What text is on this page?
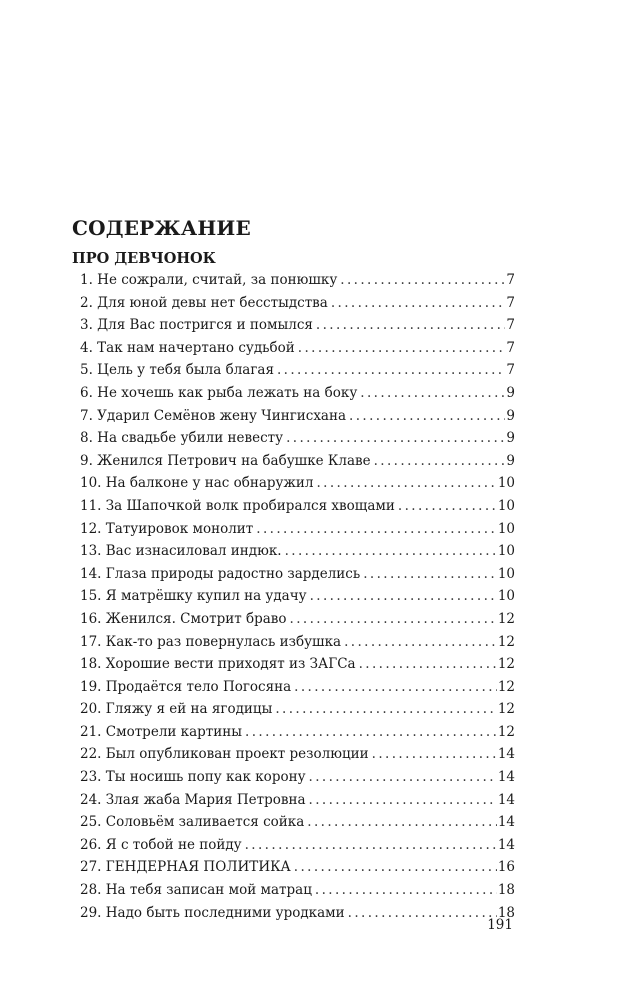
СОДЕРЖАНИЕ
ПРО ДЕВЧОНОК
1. Не сожрали, считай, за понюшку .....	7
2. Для юной девы нет бесстыдства .....	7
3. Для Вас постригся и помылся .....	7
4. Так нам начертано судьбой .....	7
5. Цель у тебя была благая .....	7
6. Не хочешь как рыба лежать на боку .....	9
7. Ударил Семёнов жену Чингисхана .....	9
8. На свадьбе убили невесту .....	9
9. Женился Петрович на бабушке Клаве .....	9
10. На балконе у нас обнаружил .....	10
11. За Шапочкой волк пробирался хвощами .....	10
12. Татуировок монолит .....	10
13. Вас изнасиловал индюк. .....	10
14. Глаза природы радостно зарделись .....	10
15. Я матрёшку купил на удачу .....	10
16. Женился. Смотрит браво .....	12
17. Как-то раз повернулась избушка .....	12
18. Хорошие вести приходят из ЗАГСа .....	12
19. Продаётся тело Погосяна .....	12
20. Гляжу я ей на ягодицы .....	12
21. Смотрели картины .....	12
22. Был опубликован проект резолюции .....	14
23. Ты носишь попу как корону .....	14
24. Злая жаба Мария Петровна .....	14
25. Соловьём заливается сойка .....	14
26. Я с тобой не пойду .....	14
27. ГЕНДЕРНАЯ ПОЛИТИКА .....	16
28. На тебя записан мой матрац .....	18
29. Надо быть последними уродками .....	18
191
